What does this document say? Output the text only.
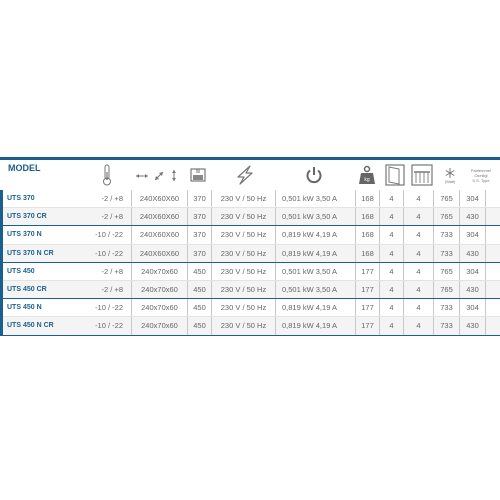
MODEL
kg	(Watt)
Panlemmeİ
Özelliği
S.S. Type
UTS 370	-2 / +8	240X60X60	370	230 V / 50 Hz	0,501 kW 3,50 A	168	4	4	765	304	
UTS 370 CR	-2 / +8	240X60X60	370	230 V / 50 Hz	0,501 kW 3,50 A	168	4	4	765	430	
UTS 370 N	-10 / -22	240X60X60	370	230 V / 50 Hz	0,819 kW 4,19 A	168	4	4	733	304	
UTS 370 N CR	-10 / -22	240X60X60	370	230 V / 50 Hz	0,819 kW 4,19 A	168	4	4	733	430	
UTS 450	-2 / +8	240x70x60	450	230 V / 50 Hz	0,501 kW 3,50 A	177	4	4	765	304	
UTS 450 CR	-2 / +8	240x70x60	450	230 V / 50 Hz	0,501 kW 3,50 A	177	4	4	765	430	
UTS 450 N	-10 / -22	240x70x60	450	230 V / 50 Hz	0,819 kW 4,19 A	177	4	4	733	304	
UTS 450 N CR	-10 / -22	240x70x60	450	230 V / 50 Hz	0,819 kW 4,19 A	177	4	4	733	430	
